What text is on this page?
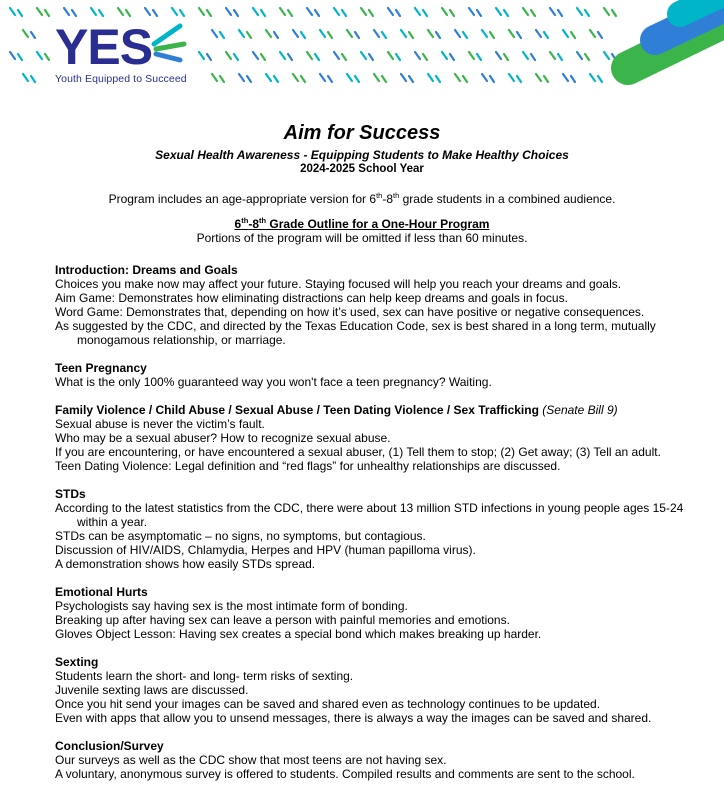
YES
Youth Equipped to Succeed
Aim for Success
Sexual Health Awareness - Equipping Students to Make Healthy Choices
2024-2025 School Year
Program includes an age-appropriate version for 6th-8th grade students in a combined audience.
6th-8th Grade Outline for a One-Hour Program
Portions of the program will be omitted if less than 60 minutes.
Introduction: Dreams and Goals
Choices you make now may affect your future. Staying focused will help you reach your dreams and goals.
Aim Game: Demonstrates how eliminating distractions can help keep dreams and goals in focus.
Word Game: Demonstrates that, depending on how it’s used, sex can have positive or negative consequences.
As suggested by the CDC, and directed by the Texas Education Code, sex is best shared in a long term, mutually monogamous relationship, or marriage.
Teen Pregnancy
What is the only 100% guaranteed way you won't face a teen pregnancy? Waiting.
Family Violence / Child Abuse / Sexual Abuse / Teen Dating Violence / Sex Trafficking (Senate Bill 9)
Sexual abuse is never the victim’s fault.
Who may be a sexual abuser? How to recognize sexual abuse.
If you are encountering, or have encountered a sexual abuser, (1) Tell them to stop; (2) Get away; (3) Tell an adult.
Teen Dating Violence: Legal definition and “red flags” for unhealthy relationships are discussed.
STDs
According to the latest statistics from the CDC, there were about 13 million STD infections in young people ages 15-24 within a year.
STDs can be asymptomatic – no signs, no symptoms, but contagious.
Discussion of HIV/AIDS, Chlamydia, Herpes and HPV (human papilloma virus).
A demonstration shows how easily STDs spread.
Emotional Hurts
Psychologists say having sex is the most intimate form of bonding.
Breaking up after having sex can leave a person with painful memories and emotions.
Gloves Object Lesson: Having sex creates a special bond which makes breaking up harder.
Sexting
Students learn the short- and long- term risks of sexting.
Juvenile sexting laws are discussed.
Once you hit send your images can be saved and shared even as technology continues to be updated.
Even with apps that allow you to unsend messages, there is always a way the images can be saved and shared.
Conclusion/Survey
Our surveys as well as the CDC show that most teens are not having sex.
A voluntary, anonymous survey is offered to students. Compiled results and comments are sent to the school.
